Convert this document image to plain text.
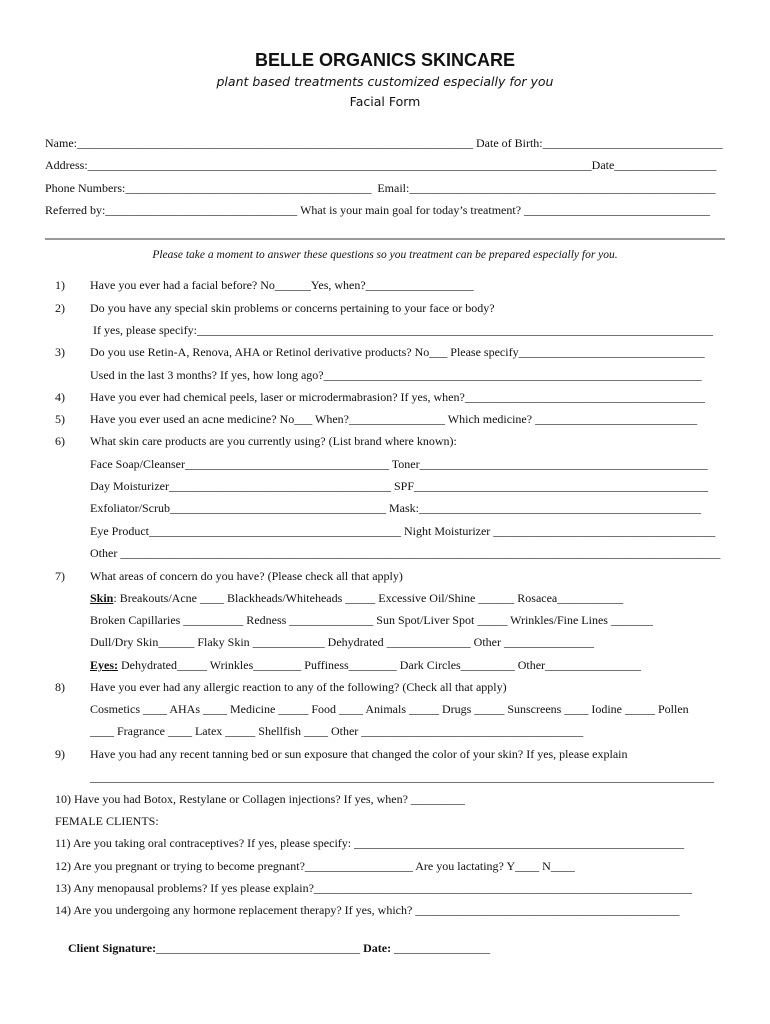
BELLE ORGANICS SKINCARE
plant based treatments customized especially for you
Facial Form
Name:__________________________________________________________________ Date of Birth:______________________________
Address:____________________________________________________________________________________Date_________________
Phone Numbers:_________________________________________  Email:___________________________________________________
Referred by:________________________________ What is your main goal for today’s treatment? _______________________________
Please take a moment to answer these questions so you treatment can be prepared especially for you.
1) Have you ever had a facial before? No______Yes, when?__________________
2) Do you have any special skin problems or concerns pertaining to your face or body?
If yes, please specify:______________________________________________________________________________________
3) Do you use Retin-A, Renova, AHA or Retinol derivative products? No___ Please specify_______________________________
Used in the last 3 months? If yes, how long ago?_______________________________________________________________
4) Have you ever had chemical peels, laser or microdermabrasion? If yes, when?________________________________________
5) Have you ever used an acne medicine? No___ When?________________ Which medicine? ___________________________
6) What skin care products are you currently using? (List brand where known):
Face Soap/Cleanser__________________________________ Toner________________________________________________
Day Moisturizer_____________________________________ SPF_________________________________________________
Exfoliator/Scrub____________________________________ Mask:_______________________________________________
Eye Product__________________________________________ Night Moisturizer _____________________________________
Other ____________________________________________________________________________________________________
7) What areas of concern do you have? (Please check all that apply)
Skin: Breakouts/Acne ____ Blackheads/Whiteheads _____ Excessive Oil/Shine ______ Rosacea___________
Broken Capillaries __________ Redness ______________ Sun Spot/Liver Spot _____ Wrinkles/Fine Lines _______
Dull/Dry Skin______ Flaky Skin ____________ Dehydrated ______________ Other _______________
Eyes: Dehydrated_____ Wrinkles________ Puffiness________ Dark Circles_________ Other________________
8) Have you ever had any allergic reaction to any of the following? (Check all that apply)
Cosmetics ____ AHAs ____ Medicine _____ Food ____ Animals _____ Drugs _____ Sunscreens ____ Iodine _____ Pollen
____ Fragrance ____ Latex _____ Shellfish ____ Other _____________________________________
9) Have you had any recent tanning bed or sun exposure that changed the color of your skin? If yes, please explain
________________________________________________________________________________________________________
10) Have you had Botox, Restylane or Collagen injections? If yes, when? _________
FEMALE CLIENTS:
11) Are you taking oral contraceptives? If yes, please specify: _______________________________________________________
12) Are you pregnant or trying to become pregnant?__________________ Are you lactating? Y____ N____
13) Any menopausal problems? If yes please explain?_______________________________________________________________
14) Are you undergoing any hormone replacement therapy? If yes, which? ____________________________________________
Client Signature:__________________________________ Date: ________________
